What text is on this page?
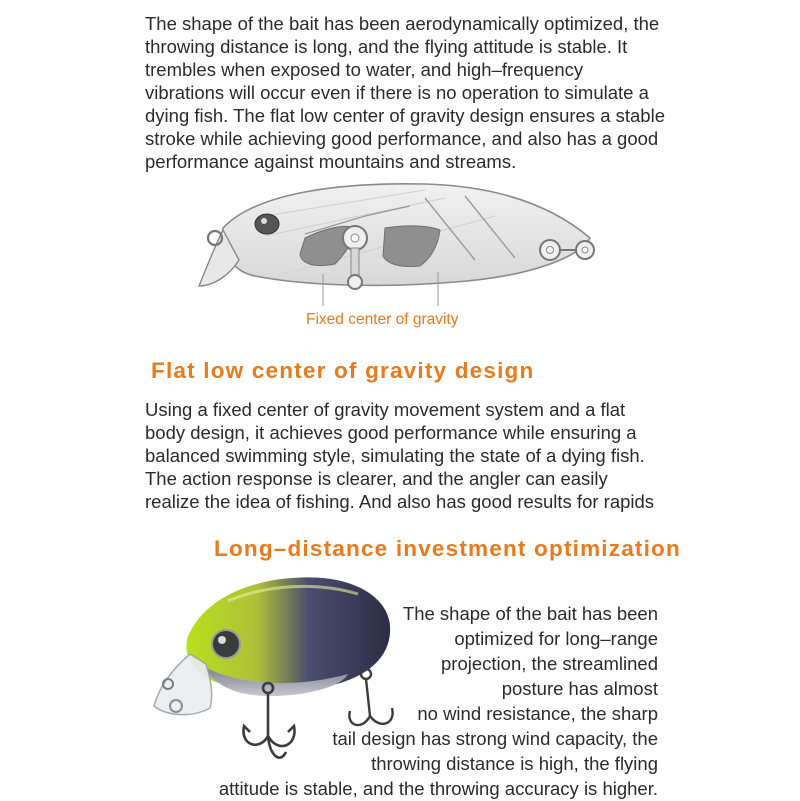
The shape of the bait has been aerodynamically optimized, the throwing distance is long, and the flying attitude is stable. It trembles when exposed to water, and high–frequency vibrations will occur even if there is no operation to simulate a dying fish. The flat low center of gravity design ensures a stable stroke while achieving good performance, and also has a good performance against mountains and streams.
Fixed center of gravity
Flat low center of gravity design
Using a fixed center of gravity movement system and a flat body design, it achieves good performance while ensuring a balanced swimming style, simulating the state of a dying fish. The action response is clearer, and the angler can easily realize the idea of fishing. And also has good results for rapids
Long–distance investment optimization
The shape of the bait has been
optimized for long–range
projection, the streamlined
posture has almost
no wind resistance, the sharp
tail design has strong wind capacity, the
throwing distance is high, the flying
attitude is stable, and the throwing accuracy is higher.
